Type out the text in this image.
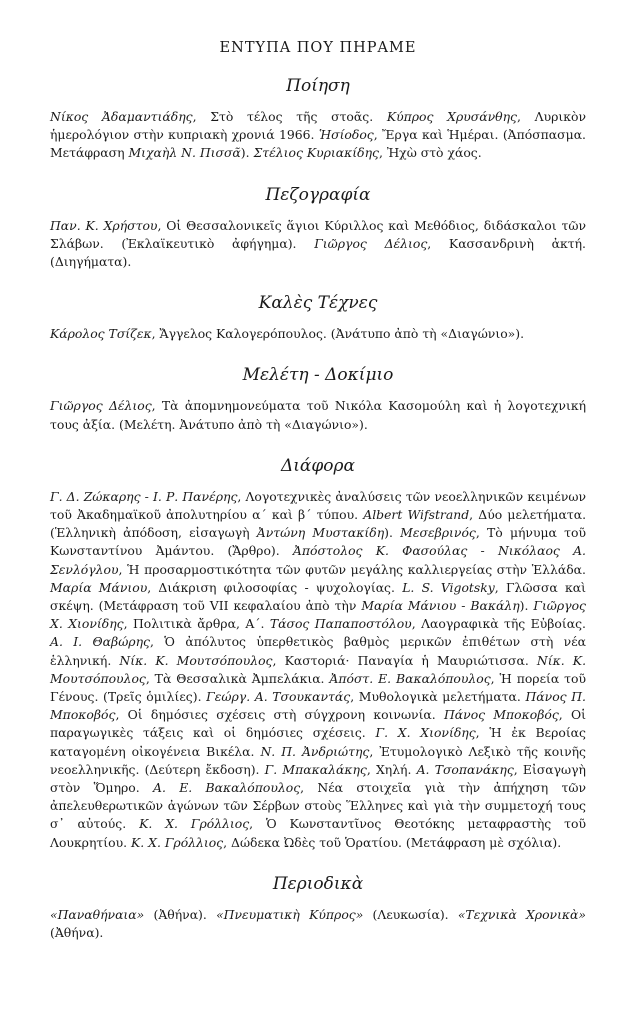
ΕΝΤΥΠΑ ΠΟΥ ΠΗΡΑΜΕ
Ποίηση

Νίκος Ἀδαμαντιάδης, Στὸ τέλος τῆς στοᾶς. Κύπρος Χρυσάνθης, Λυρικὸν ἡμερολόγιον στὴν κυπριακὴ χρονιά 1966. Ἡσίοδος, Ἔργα καὶ Ἡμέραι. (Ἀπόσπασμα. Μετάφραση Μιχαὴλ Ν. Πισσᾶ). Στέλιος Κυριακίδης, Ἠχὼ στὸ χάος.

Πεζογραφία

Παν. Κ. Χρήστου, Οἱ Θεσσαλονικεῖς ἅγιοι Κύριλλος καὶ Μεθόδιος, διδάσκαλοι τῶν Σλάβων. (Ἐκλαϊκευτικὸ ἀφήγημα). Γιῶργος Δέλιος, Κασσανδρινὴ ἀκτή. (Διηγήματα).

Καλὲς Τέχνες

Κάρολος Τσίζεκ, Ἄγγελος Καλογερόπουλος. (Ἀνάτυπο ἀπὸ τὴ «Διαγώνιο»).

Μελέτη - Δοκίμιο

Γιῶργος Δέλιος, Τὰ ἀπομνημονεύματα τοῦ Νικόλα Κασομούλη καὶ ἡ λογοτεχνική τους ἀξία. (Μελέτη. Ἀνάτυπο ἀπὸ τὴ «Διαγώνιο»).

Διάφορα

Γ. Δ. Ζώκαρης - Ι. Ρ. Πανέρης, Λογοτεχνικὲς ἀναλύσεις τῶν νεοελληνικῶν κειμένων τοῦ Ἀκαδημαϊκοῦ ἀπολυτηρίου α΄ καὶ β΄ τύπου. Albert Wifstrand, Δύο μελετήματα. (Ἑλληνικὴ ἀπόδοση, εἰσαγωγὴ Ἀντώνη Μυστακίδη). Μεσεβρινός, Τὸ μήνυμα τοῦ Κωνσταντίνου Ἀμάντου. (Ἄρθρο). Ἀπόστολος Κ. Φασούλας - Νικόλαος Α. Σενλόγλου, Ἡ προσαρμοστικότητα τῶν φυτῶν μεγάλης καλλιεργείας στὴν Ἑλλάδα. Μαρία Μάνιου, Διάκριση φιλοσοφίας - ψυχολογίας. L. S. Vigotsky, Γλῶσσα καὶ σκέψη. (Μετάφραση τοῦ VII κεφαλαίου ἀπὸ τὴν Μαρία Μάνιου - Βακάλη). Γιῶργος Χ. Χιονίδης, Πολιτικὰ ἄρθρα, Α΄. Τάσος Παπαποστόλου, Λαογραφικὰ τῆς Εὐβοίας. Α. Ι. Θαβώρης, Ὁ ἀπόλυτος ὑπερθετικὸς βαθμὸς μερικῶν ἐπιθέτων στὴ νέα ἑλληνική. Νίκ. Κ. Μουτσόπουλος, Καστοριά· Παναγία ἡ Μαυριώτισσα. Νίκ. Κ. Μουτσόπουλος, Τὰ Θεσσαλικὰ Ἀμπελάκια. Ἀπόστ. Ε. Βακαλόπουλος, Ἡ πορεία τοῦ Γένους. (Τρεῖς ὁμιλίες). Γεώργ. Α. Τσουκαντάς, Μυθολογικὰ μελετήματα. Πάνος Π. Μποκοβός, Οἱ δημόσιες σχέσεις στὴ σύγχρονη κοινωνία. Πάνος Μποκοβός, Οἱ παραγωγικὲς τάξεις καὶ οἱ δημόσιες σχέσεις. Γ. Χ. Χιονίδης, Ἡ ἐκ Βεροίας καταγομένη οἰκογένεια Βικέλα. Ν. Π. Ἀνδριώτης, Ἐτυμολογικὸ Λεξικὸ τῆς κοινῆς νεοελληνικῆς. (Δεύτερη ἔκδοση). Γ. Μπακαλάκης, Χηλή. Α. Τσοπανάκης, Εἰσαγωγὴ στὸν Ὅμηρο. Α. Ε. Βακαλόπουλος, Νέα στοιχεῖα γιὰ τὴν ἀπήχηση τῶν ἀπελευθερωτικῶν ἀγώνων τῶν Σέρβων στοὺς Ἕλληνες καὶ γιὰ τὴν συμμετοχή τους σ᾽ αὐτούς. Κ. Χ. Γρόλλιος, Ὁ Κωνσταντῖνος Θεοτόκης μεταφραστὴς τοῦ Λουκρητίου. Κ. Χ. Γρόλλιος, Δώδεκα Ὠδὲς τοῦ Ὁρατίου. (Μετάφραση μὲ σχόλια).

Περιοδικὰ

«Παναθήναια» (Ἀθήνα). «Πνευματικὴ Κύπρος» (Λευκωσία). «Τεχνικὰ Χρονικὰ» (Ἀθήνα).
